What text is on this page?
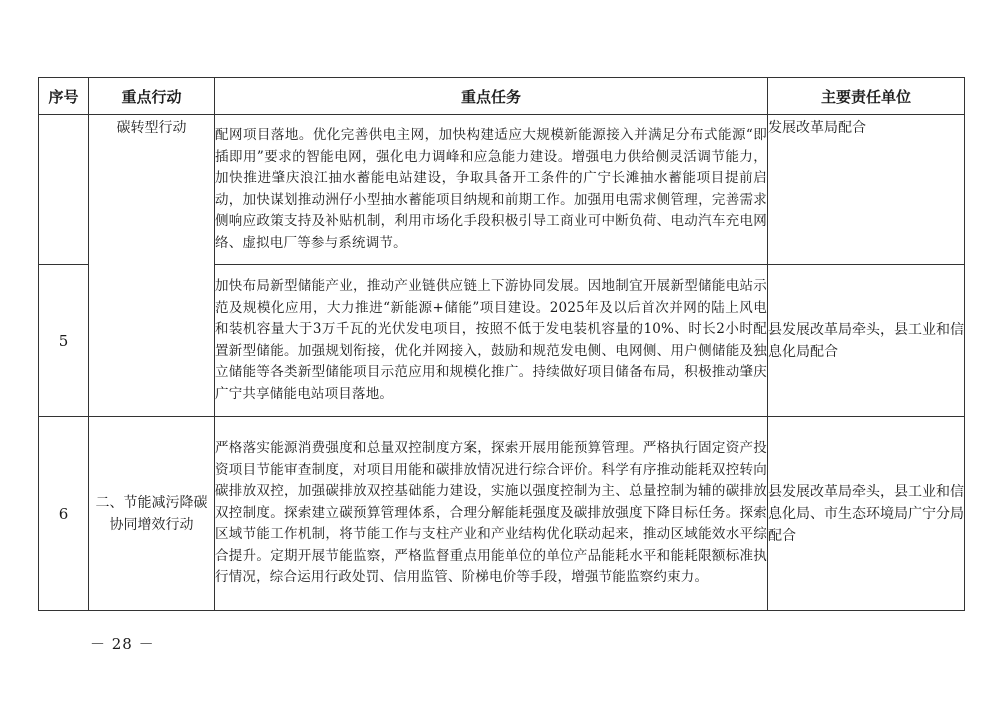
序号	重点行动	重点任务	主要责任单位
	碳转型行动	配网项目落地。优化完善供电主网，加快构建适应大规模新能源接入并满足分布式能源“即插即用”要求的智能电网，强化电力调峰和应急能力建设。增强电力供给侧灵活调节能力，加快推进肇庆浪江抽水蓄能电站建设，争取具备开工条件的广宁长滩抽水蓄能项目提前启动，加快谋划推动洲仔小型抽水蓄能项目纳规和前期工作。加强用电需求侧管理，完善需求侧响应政策支持及补贴机制，利用市场化手段积极引导工商业可中断负荷、电动汽车充电网络、虚拟电厂等参与系统调节。	发展改革局配合
5		加快布局新型储能产业，推动产业链供应链上下游协同发展。因地制宜开展新型储能电站示范及规模化应用，大力推进“新能源+储能”项目建设。2025年及以后首次并网的陆上风电和装机容量大于3万千瓦的光伏发电项目，按照不低于发电装机容量的10%、时长2小时配置新型储能。加强规划衔接，优化并网接入，鼓励和规范发电侧、电网侧、用户侧储能及独立储能等各类新型储能项目示范应用和规模化推广。持续做好项目储备布局，积极推动肇庆广宁共享储能电站项目落地。	县发展改革局牵头，县工业和信息化局配合
6	二、节能减污降碳协同增效行动	严格落实能源消费强度和总量双控制度方案，探索开展用能预算管理。严格执行固定资产投资项目节能审查制度，对项目用能和碳排放情况进行综合评价。科学有序推动能耗双控转向碳排放双控，加强碳排放双控基础能力建设，实施以强度控制为主、总量控制为辅的碳排放双控制度。探索建立碳预算管理体系，合理分解能耗强度及碳排放强度下降目标任务。探索区域节能工作机制，将节能工作与支柱产业和产业结构优化联动起来，推动区域能效水平综合提升。定期开展节能监察，严格监督重点用能单位的单位产品能耗水平和能耗限额标准执行情况，综合运用行政处罚、信用监管、阶梯电价等手段，增强节能监察约束力。	县发展改革局牵头，县工业和信息化局、市生态环境局广宁分局配合
－ 28 －
